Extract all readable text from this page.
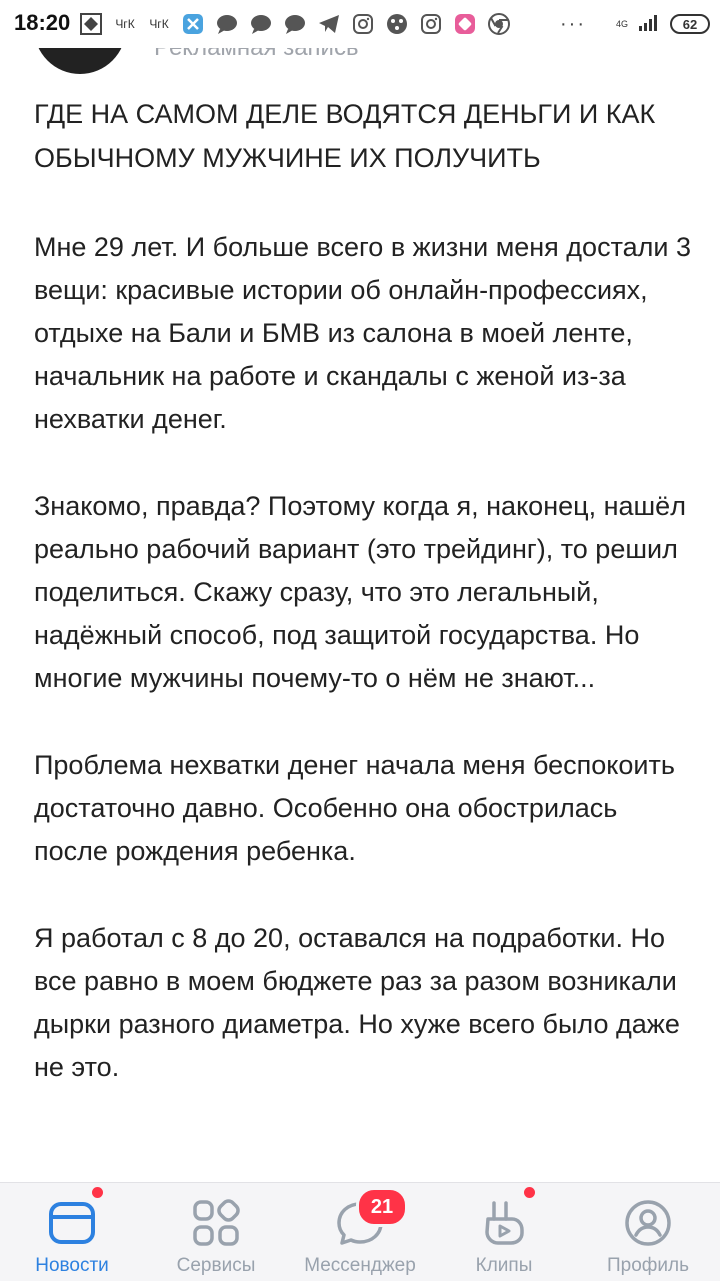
18:20	ЧгК ЧгК	···	4G	62
ГДЕ НА САМОМ ДЕЛЕ ВОДЯТСЯ ДЕНЬГИ И КАК ОБЫЧНОМУ МУЖЧИНЕ ИХ ПОЛУЧИТЬ
Мне 29 лет. И больше всего в жизни меня достали 3 вещи: красивые истории об онлайн-профессиях, отдыхе на Бали и БМВ из салона в моей ленте, начальник на работе и скандалы с женой из-за нехватки денег.
Знакомо, правда? Поэтому когда я, наконец, нашёл реально рабочий вариант (это трейдинг), то решил поделиться. Скажу сразу, что это легальный, надёжный способ, под защитой государства. Но многие мужчины почему-то о нём не знают...
Проблема нехватки денег начала меня беспокоить достаточно давно. Особенно она обострилась после рождения ребенка.
Я работал с 8 до 20, оставался на подработки. Но все равно в моем бюджете раз за разом возникали дырки разного диаметра. Но хуже всего было даже не это.
Новости	Сервисы
21
Мессенджер	Клипы	Профиль
